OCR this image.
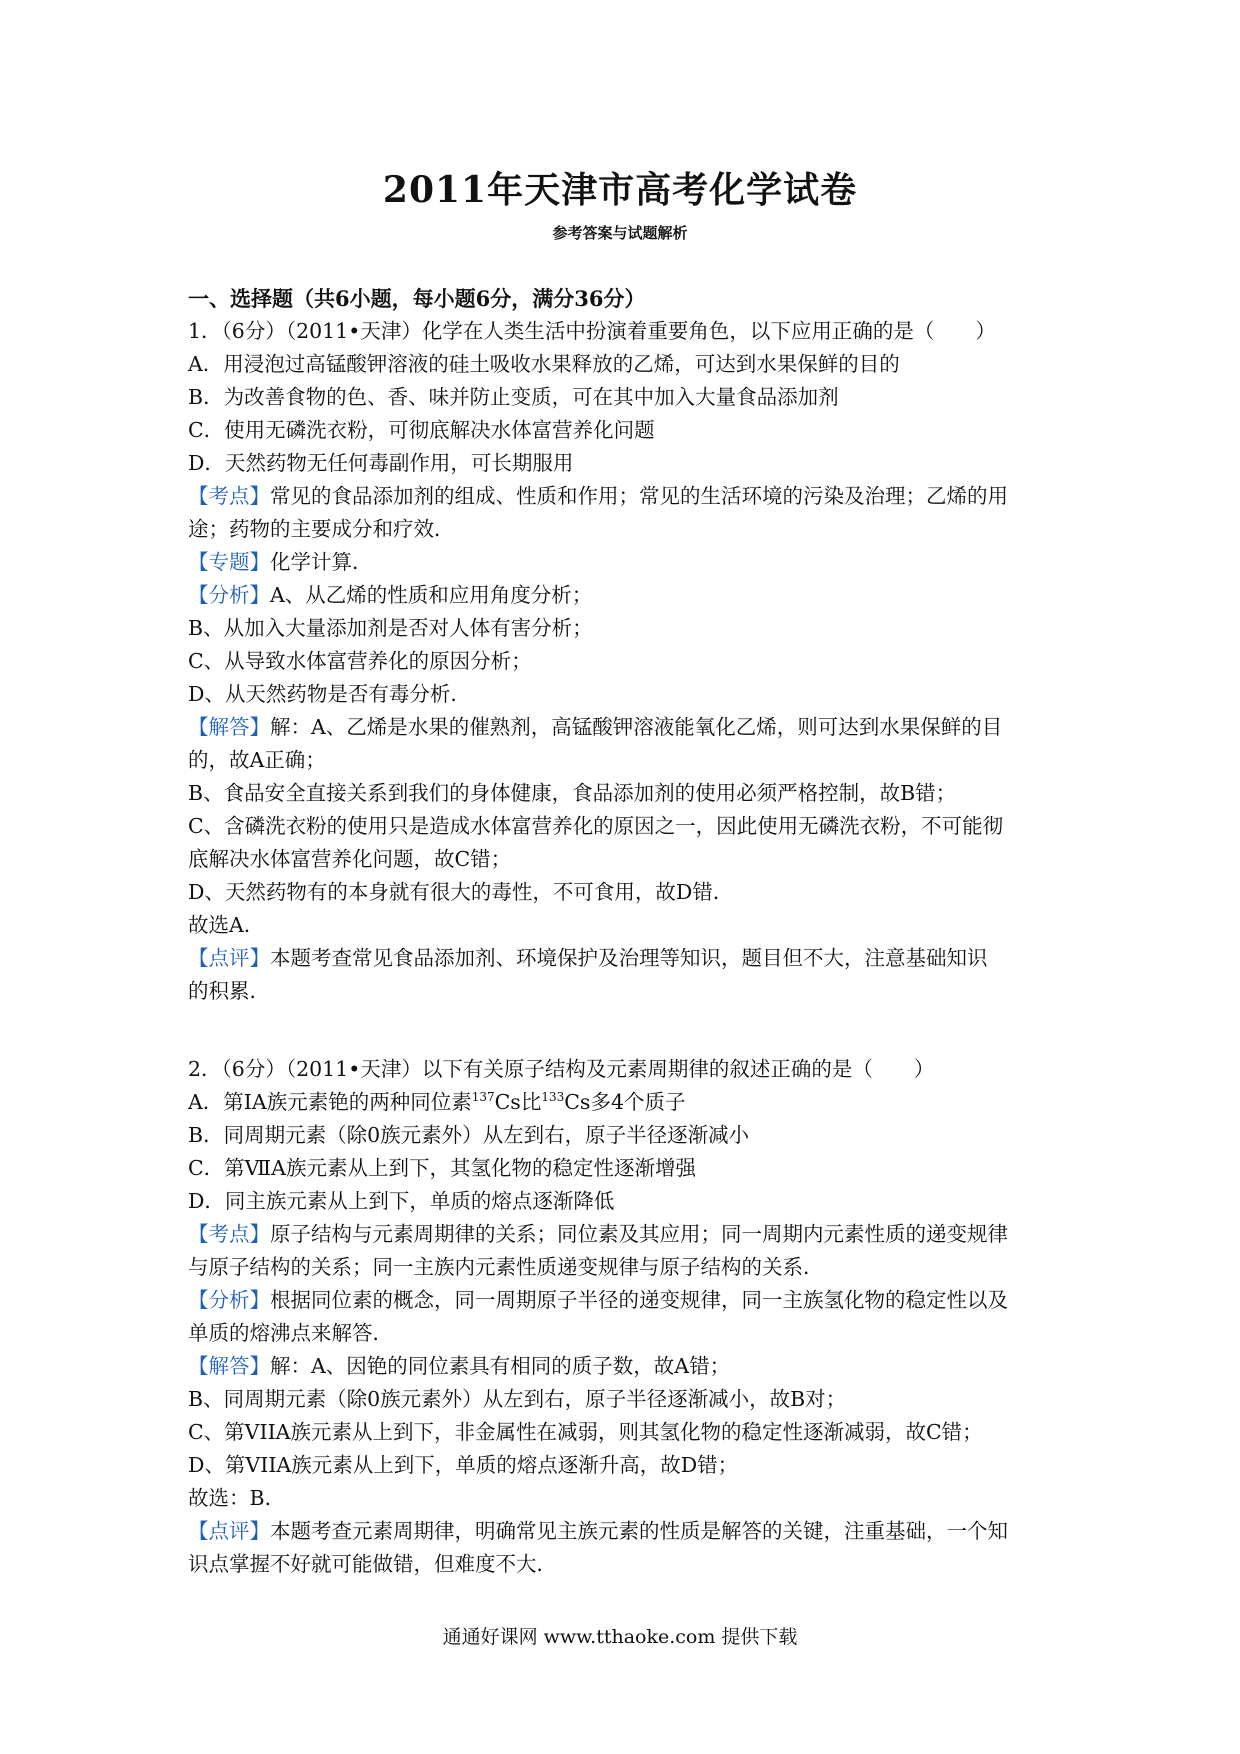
2011年天津市高考化学试卷
参考答案与试题解析
一、选择题（共6小题，每小题6分，满分36分）
1．（6分）（2011•天津）化学在人类生活中扮演着重要角色，以下应用正确的是（　　）
A．用浸泡过高锰酸钾溶液的硅土吸收水果释放的乙烯，可达到水果保鲜的目的
B．为改善食物的色、香、味并防止变质，可在其中加入大量食品添加剂
C．使用无磷洗衣粉，可彻底解决水体富营养化问题
D．天然药物无任何毒副作用，可长期服用
【考点】常见的食品添加剂的组成、性质和作用；常见的生活环境的污染及治理；乙烯的用
途；药物的主要成分和疗效．
【专题】化学计算．
【分析】A、从乙烯的性质和应用角度分析；
B、从加入大量添加剂是否对人体有害分析；
C、从导致水体富营养化的原因分析；
D、从天然药物是否有毒分析．
【解答】解：A、乙烯是水果的催熟剂，高锰酸钾溶液能氧化乙烯，则可达到水果保鲜的目
的，故A正确；
B、食品安全直接关系到我们的身体健康，食品添加剂的使用必须严格控制，故B错；
C、含磷洗衣粉的使用只是造成水体富营养化的原因之一，因此使用无磷洗衣粉，不可能彻
底解决水体富营养化问题，故C错；
D、天然药物有的本身就有很大的毒性，不可食用，故D错．
故选A．
【点评】本题考查常见食品添加剂、环境保护及治理等知识，题目但不大，注意基础知识
的积累．
2．（6分）（2011•天津）以下有关原子结构及元素周期律的叙述正确的是（　　）
A．第IA族元素铯的两种同位素$^{137}$Cs比$^{133}$Cs多4个质子
B．同周期元素（除0族元素外）从左到右，原子半径逐渐减小
C．第ⅦA族元素从上到下，其氢化物的稳定性逐渐增强
D．同主族元素从上到下，单质的熔点逐渐降低
【考点】原子结构与元素周期律的关系；同位素及其应用；同一周期内元素性质的递变规律
与原子结构的关系；同一主族内元素性质递变规律与原子结构的关系．
【分析】根据同位素的概念，同一周期原子半径的递变规律，同一主族氢化物的稳定性以及
单质的熔沸点来解答．
【解答】解：A、因铯的同位素具有相同的质子数，故A错；
B、同周期元素（除0族元素外）从左到右，原子半径逐渐减小，故B对；
C、第VIIA族元素从上到下，非金属性在减弱，则其氢化物的稳定性逐渐减弱，故C错；
D、第VIIA族元素从上到下，单质的熔点逐渐升高，故D错；
故选：B．
【点评】本题考查元素周期律，明确常见主族元素的性质是解答的关键，注重基础，一个知
识点掌握不好就可能做错，但难度不大．
通通好课网 www.tthaoke.com 提供下载
